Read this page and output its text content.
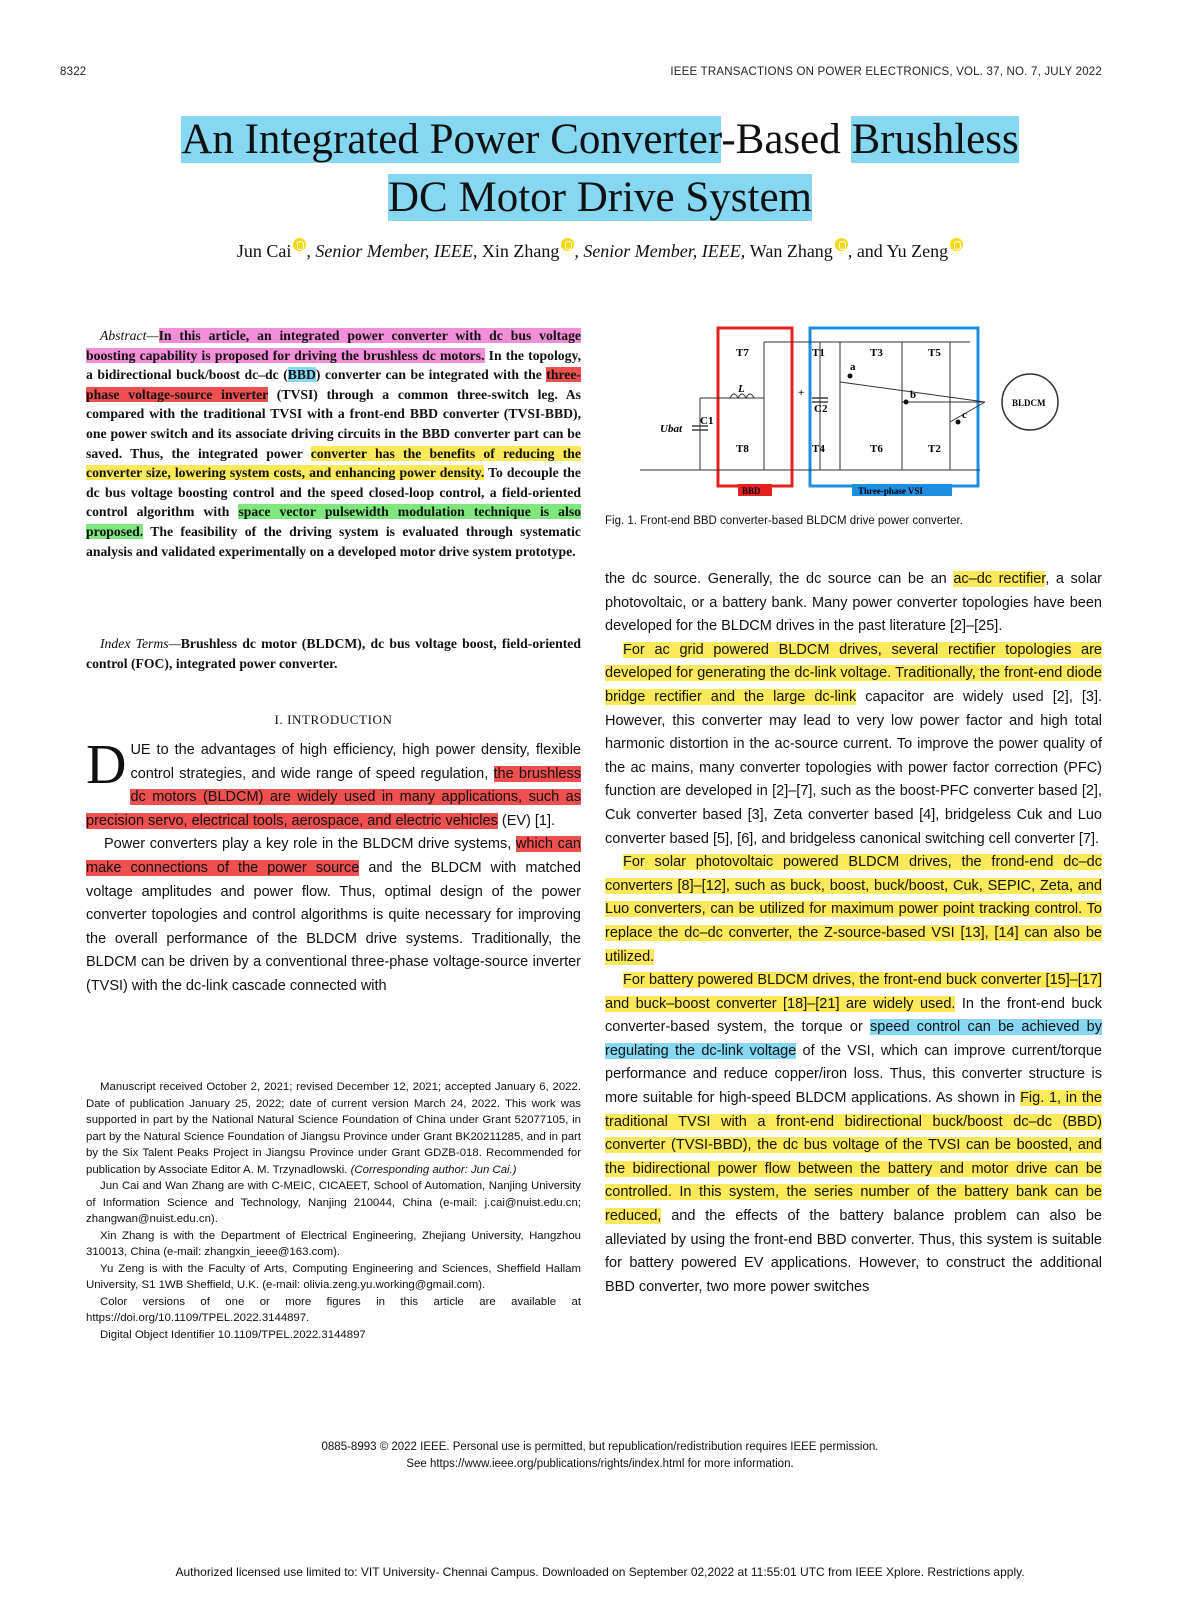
8322	IEEE TRANSACTIONS ON POWER ELECTRONICS, VOL. 37, NO. 7, JULY 2022
An Integrated Power Converter-Based Brushless
DC Motor Drive System
Jun Cai , Senior Member, IEEE, Xin Zhang , Senior Member, IEEE, Wan Zhang , and Yu Zeng
Abstract—In this article, an integrated power converter with dc bus voltage boosting capability is proposed for driving the brushless dc motors. In the topology, a bidirectional buck/boost dc–dc (BBD) converter can be integrated with the three-phase voltage-source inverter (TVSI) through a common three-switch leg. As compared with the traditional TVSI with a front-end BBD converter (TVSI-BBD), one power switch and its associate driving circuits in the BBD converter part can be saved. Thus, the integrated power converter has the benefits of reducing the converter size, lowering system costs, and enhancing power density. To decouple the dc bus voltage boosting control and the speed closed-loop control, a field-oriented control algorithm with space vector pulsewidth modulation technique is also proposed. The feasibility of the driving system is evaluated through systematic analysis and validated experimentally on a developed motor drive system prototype.
Index Terms—Brushless dc motor (BLDCM), dc bus voltage boost, field-oriented control (FOC), integrated power converter.
I. INTRODUCTION

DUE to the advantages of high efficiency, high power density, flexible control strategies, and wide range of speed regulation, the brushless dc motors (BLDCM) are widely used in many applications, such as precision servo, electrical tools, aerospace, and electric vehicles (EV) [1].

Power converters play a key role in the BLDCM drive systems, which can make connections of the power source and the BLDCM with matched voltage amplitudes and power flow. Thus, optimal design of the power converter topologies and control algorithms is quite necessary for improving the overall performance of the BLDCM drive systems. Traditionally, the BLDCM can be driven by a conventional three-phase voltage-source inverter (TVSI) with the dc-link cascade connected with

Manuscript received October 2, 2021; revised December 12, 2021; accepted January 6, 2022. Date of publication January 25, 2022; date of current version March 24, 2022. This work was supported in part by the National Natural Science Foundation of China under Grant 52077105, in part by the Natural Science Foundation of Jiangsu Province under Grant BK20211285, and in part by the Six Talent Peaks Project in Jiangsu Province under Grant GDZB-018. Recommended for publication by Associate Editor A. M. Trzynadlowski. (Corresponding author: Jun Cai.)

Jun Cai and Wan Zhang are with C-MEIC, CICAEET, School of Automation, Nanjing University of Information Science and Technology, Nanjing 210044, China (e-mail: j.cai@nuist.edu.cn; zhangwan@nuist.edu.cn).

Xin Zhang is with the Department of Electrical Engineering, Zhejiang University, Hangzhou 310013, China (e-mail: zhangxin_ieee@163.com).

Yu Zeng is with the Faculty of Arts, Computing Engineering and Sciences, Sheffield Hallam University, S1 1WB Sheffield, U.K. (e-mail: olivia.zeng.yu.working@gmail.com).

Color versions of one or more figures in this article are available at https://doi.org/10.1109/TPEL.2022.3144897.

Digital Object Identifier 10.1109/TPEL.2022.3144897

T7	T1	T3	T5
T8	T4	T6	T2
L
C1
C2
+
Ubat
a
b
c
BLDCM
BBD	Three-phase VSI
Fig. 1. Front-end BBD converter-based BLDCM drive power converter.

the dc source. Generally, the dc source can be an ac–dc rectifier, a solar photovoltaic, or a battery bank. Many power converter topologies have been developed for the BLDCM drives in the past literature [2]–[25].

For ac grid powered BLDCM drives, several rectifier topologies are developed for generating the dc-link voltage. Traditionally, the front-end diode bridge rectifier and the large dc-link capacitor are widely used [2], [3]. However, this converter may lead to very low power factor and high total harmonic distortion in the ac-source current. To improve the power quality of the ac mains, many converter topologies with power factor correction (PFC) function are developed in [2]–[7], such as the boost-PFC converter based [2], Cuk converter based [3], Zeta converter based [4], bridgeless Cuk and Luo converter based [5], [6], and bridgeless canonical switching cell converter [7].

For solar photovoltaic powered BLDCM drives, the frond-end dc–dc converters [8]–[12], such as buck, boost, buck/boost, Cuk, SEPIC, Zeta, and Luo converters, can be utilized for maximum power point tracking control. To replace the dc–dc converter, the Z-source-based VSI [13], [14] can also be utilized.

For battery powered BLDCM drives, the front-end buck converter [15]–[17] and buck–boost converter [18]–[21] are widely used. In the front-end buck converter-based system, the torque or speed control can be achieved by regulating the dc-link voltage of the VSI, which can improve current/torque performance and reduce copper/iron loss. Thus, this converter structure is more suitable for high-speed BLDCM applications. As shown in Fig. 1, in the traditional TVSI with a front-end bidirectional buck/boost dc–dc (BBD) converter (TVSI-BBD), the dc bus voltage of the TVSI can be boosted, and the bidirectional power flow between the battery and motor drive can be controlled. In this system, the series number of the battery bank can be reduced, and the effects of the battery balance problem can also be alleviated by using the front-end BBD converter. Thus, this system is suitable for battery powered EV applications. However, to construct the additional BBD converter, two more power switches

0885-8993 © 2022 IEEE. Personal use is permitted, but republication/redistribution requires IEEE permission.
See https://www.ieee.org/publications/rights/index.html for more information.
Authorized licensed use limited to: VIT University- Chennai Campus. Downloaded on September 02,2022 at 11:55:01 UTC from IEEE Xplore. Restrictions apply.
